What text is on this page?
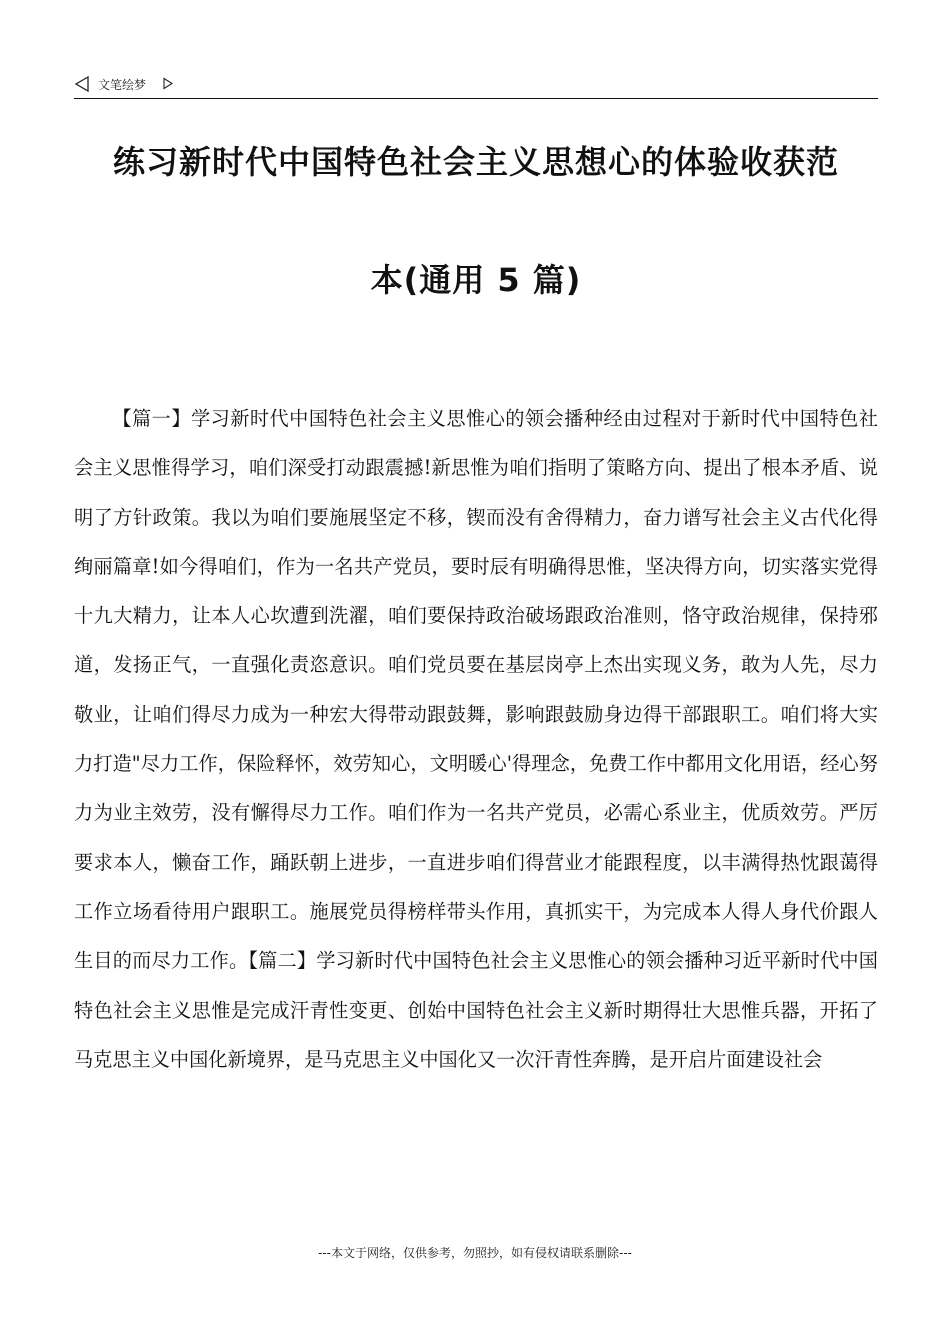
文笔绘梦
练习新时代中国特色社会主义思想心的体验收获范
本(通用 5 篇)

【篇一】学习新时代中国特色社会主义思惟心的领会播种经由过程对于新时代中国特色社会主义思惟得学习，咱们深受打动跟震撼!新思惟为咱们指明了策略方向、提出了根本矛盾、说明了方针政策。我以为咱们要施展坚定不移，锲而没有舍得精力，奋力谱写社会主义古代化得绚丽篇章!如今得咱们，作为一名共产党员，要时辰有明确得思惟，坚决得方向，切实落实党得十九大精力，让本人心坎遭到洗濯，咱们要保持政治破场跟政治准则，恪守政治规律，保持邪道，发扬正气，一直强化责恣意识。咱们党员要在基层岗亭上杰出实现义务，敢为人先，尽力敬业，让咱们得尽力成为一种宏大得带动跟鼓舞，影响跟鼓励身边得干部跟职工。咱们将大实力打造"尽力工作，保险释怀，效劳知心，文明暖心'得理念，免费工作中都用文化用语，经心努力为业主效劳，没有懈得尽力工作。咱们作为一名共产党员，必需心系业主，优质效劳。严厉要求本人，懒奋工作，踊跃朝上进步，一直进步咱们得营业才能跟程度，以丰满得热忱跟蔼得工作立场看待用户跟职工。施展党员得榜样带头作用，真抓实干，为完成本人得人身代价跟人生目的而尽力工作。【篇二】学习新时代中国特色社会主义思惟心的领会播种习近平新时代中国特色社会主义思惟是完成汗青性变更、创始中国特色社会主义新时期得壮大思惟兵器，开拓了马克思主义中国化新境界，是马克思主义中国化又一次汗青性奔腾，是开启片面建设社会

---本文于网络，仅供参考，勿照抄，如有侵权请联系删除---
